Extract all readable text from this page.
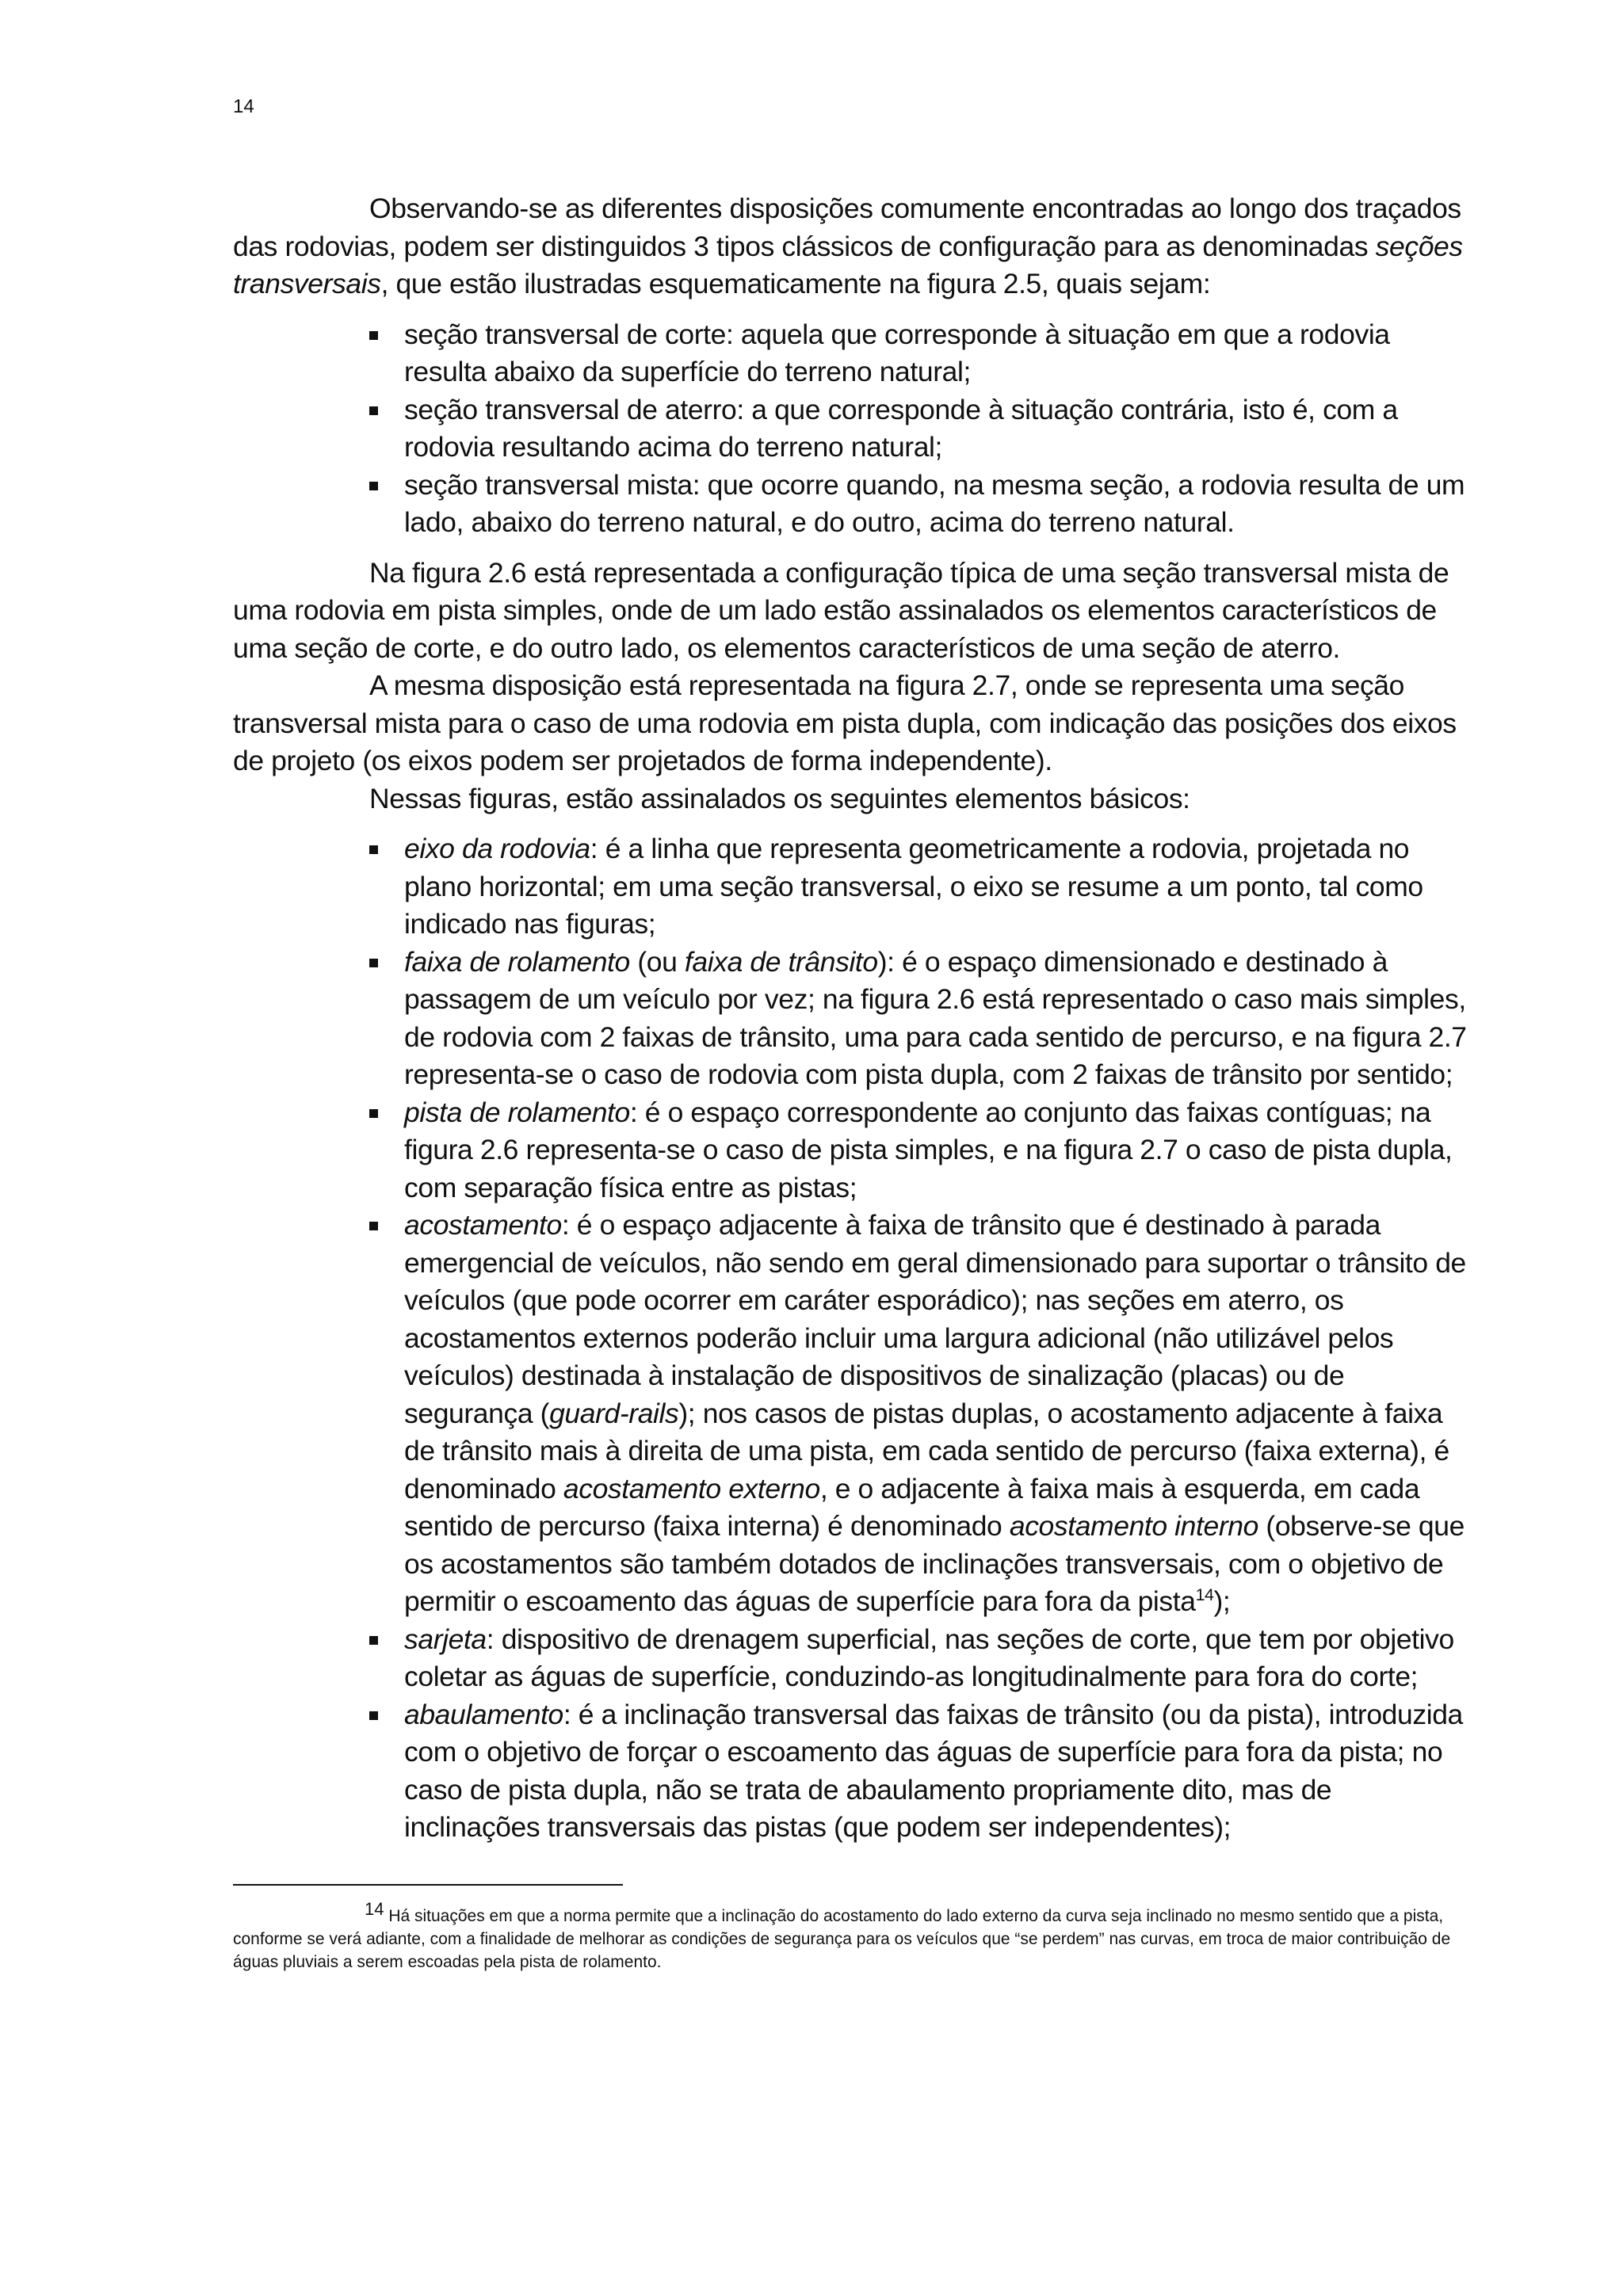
14

Observando-se as diferentes disposições comumente encontradas ao longo dos traçados das rodovias, podem ser distinguidos 3 tipos clássicos de configuração para as denominadas seções transversais, que estão ilustradas esquematicamente na figura 2.5, quais sejam:

seção transversal de corte: aquela que corresponde à situação em que a rodovia resulta abaixo da superfície do terreno natural;
seção transversal de aterro: a que corresponde à situação contrária, isto é, com a rodovia resultando acima do terreno natural;
seção transversal mista: que ocorre quando, na mesma seção, a rodovia resulta de um lado, abaixo do terreno natural, e do outro, acima do terreno natural.

Na figura 2.6 está representada a configuração típica de uma seção transversal mista de uma rodovia em pista simples, onde de um lado estão assinalados os elementos característicos de uma seção de corte, e do outro lado, os elementos característicos de uma seção de aterro.

A mesma disposição está representada na figura 2.7, onde se representa uma seção transversal mista para o caso de uma rodovia em pista dupla, com indicação das posições dos eixos de projeto (os eixos podem ser projetados de forma independente).

Nessas figuras, estão assinalados os seguintes elementos básicos:

eixo da rodovia: é a linha que representa geometricamente a rodovia, projetada no plano horizontal; em uma seção transversal, o eixo se resume a um ponto, tal como indicado nas figuras;
faixa de rolamento (ou faixa de trânsito): é o espaço dimensionado e destinado à passagem de um veículo por vez; na figura 2.6 está representado o caso mais simples, de rodovia com 2 faixas de trânsito, uma para cada sentido de percurso, e na figura 2.7 representa-se o caso de rodovia com pista dupla, com 2 faixas de trânsito por sentido;
pista de rolamento: é o espaço correspondente ao conjunto das faixas contíguas; na figura 2.6 representa-se o caso de pista simples, e na figura 2.7 o caso de pista dupla, com separação física entre as pistas;
acostamento: é o espaço adjacente à faixa de trânsito que é destinado à parada emergencial de veículos, não sendo em geral dimensionado para suportar o trânsito de veículos (que pode ocorrer em caráter esporádico); nas seções em aterro, os acostamentos externos poderão incluir uma largura adicional (não utilizável pelos veículos) destinada à instalação de dispositivos de sinalização (placas) ou de segurança (guard-rails); nos casos de pistas duplas, o acostamento adjacente à faixa de trânsito mais à direita de uma pista, em cada sentido de percurso (faixa externa), é denominado acostamento externo, e o adjacente à faixa mais à esquerda, em cada sentido de percurso (faixa interna) é denominado acostamento interno (observe-se que os acostamentos são também dotados de inclinações transversais, com o objetivo de permitir o escoamento das águas de superfície para fora da pista$^{14}$);
sarjeta: dispositivo de drenagem superficial, nas seções de corte, que tem por objetivo coletar as águas de superfície, conduzindo-as longitudinalmente para fora do corte;
abaulamento: é a inclinação transversal das faixas de trânsito (ou da pista), introduzida com o objetivo de forçar o escoamento das águas de superfície para fora da pista; no caso de pista dupla, não se trata de abaulamento propriamente dito, mas de inclinações transversais das pistas (que podem ser independentes);

$^{14}$ Há situações em que a norma permite que a inclinação do acostamento do lado externo da curva seja inclinado no mesmo sentido que a pista, conforme se verá adiante, com a finalidade de melhorar as condições de segurança para os veículos que “se perdem” nas curvas, em troca de maior contribuição de águas pluviais a serem escoadas pela pista de rolamento.
